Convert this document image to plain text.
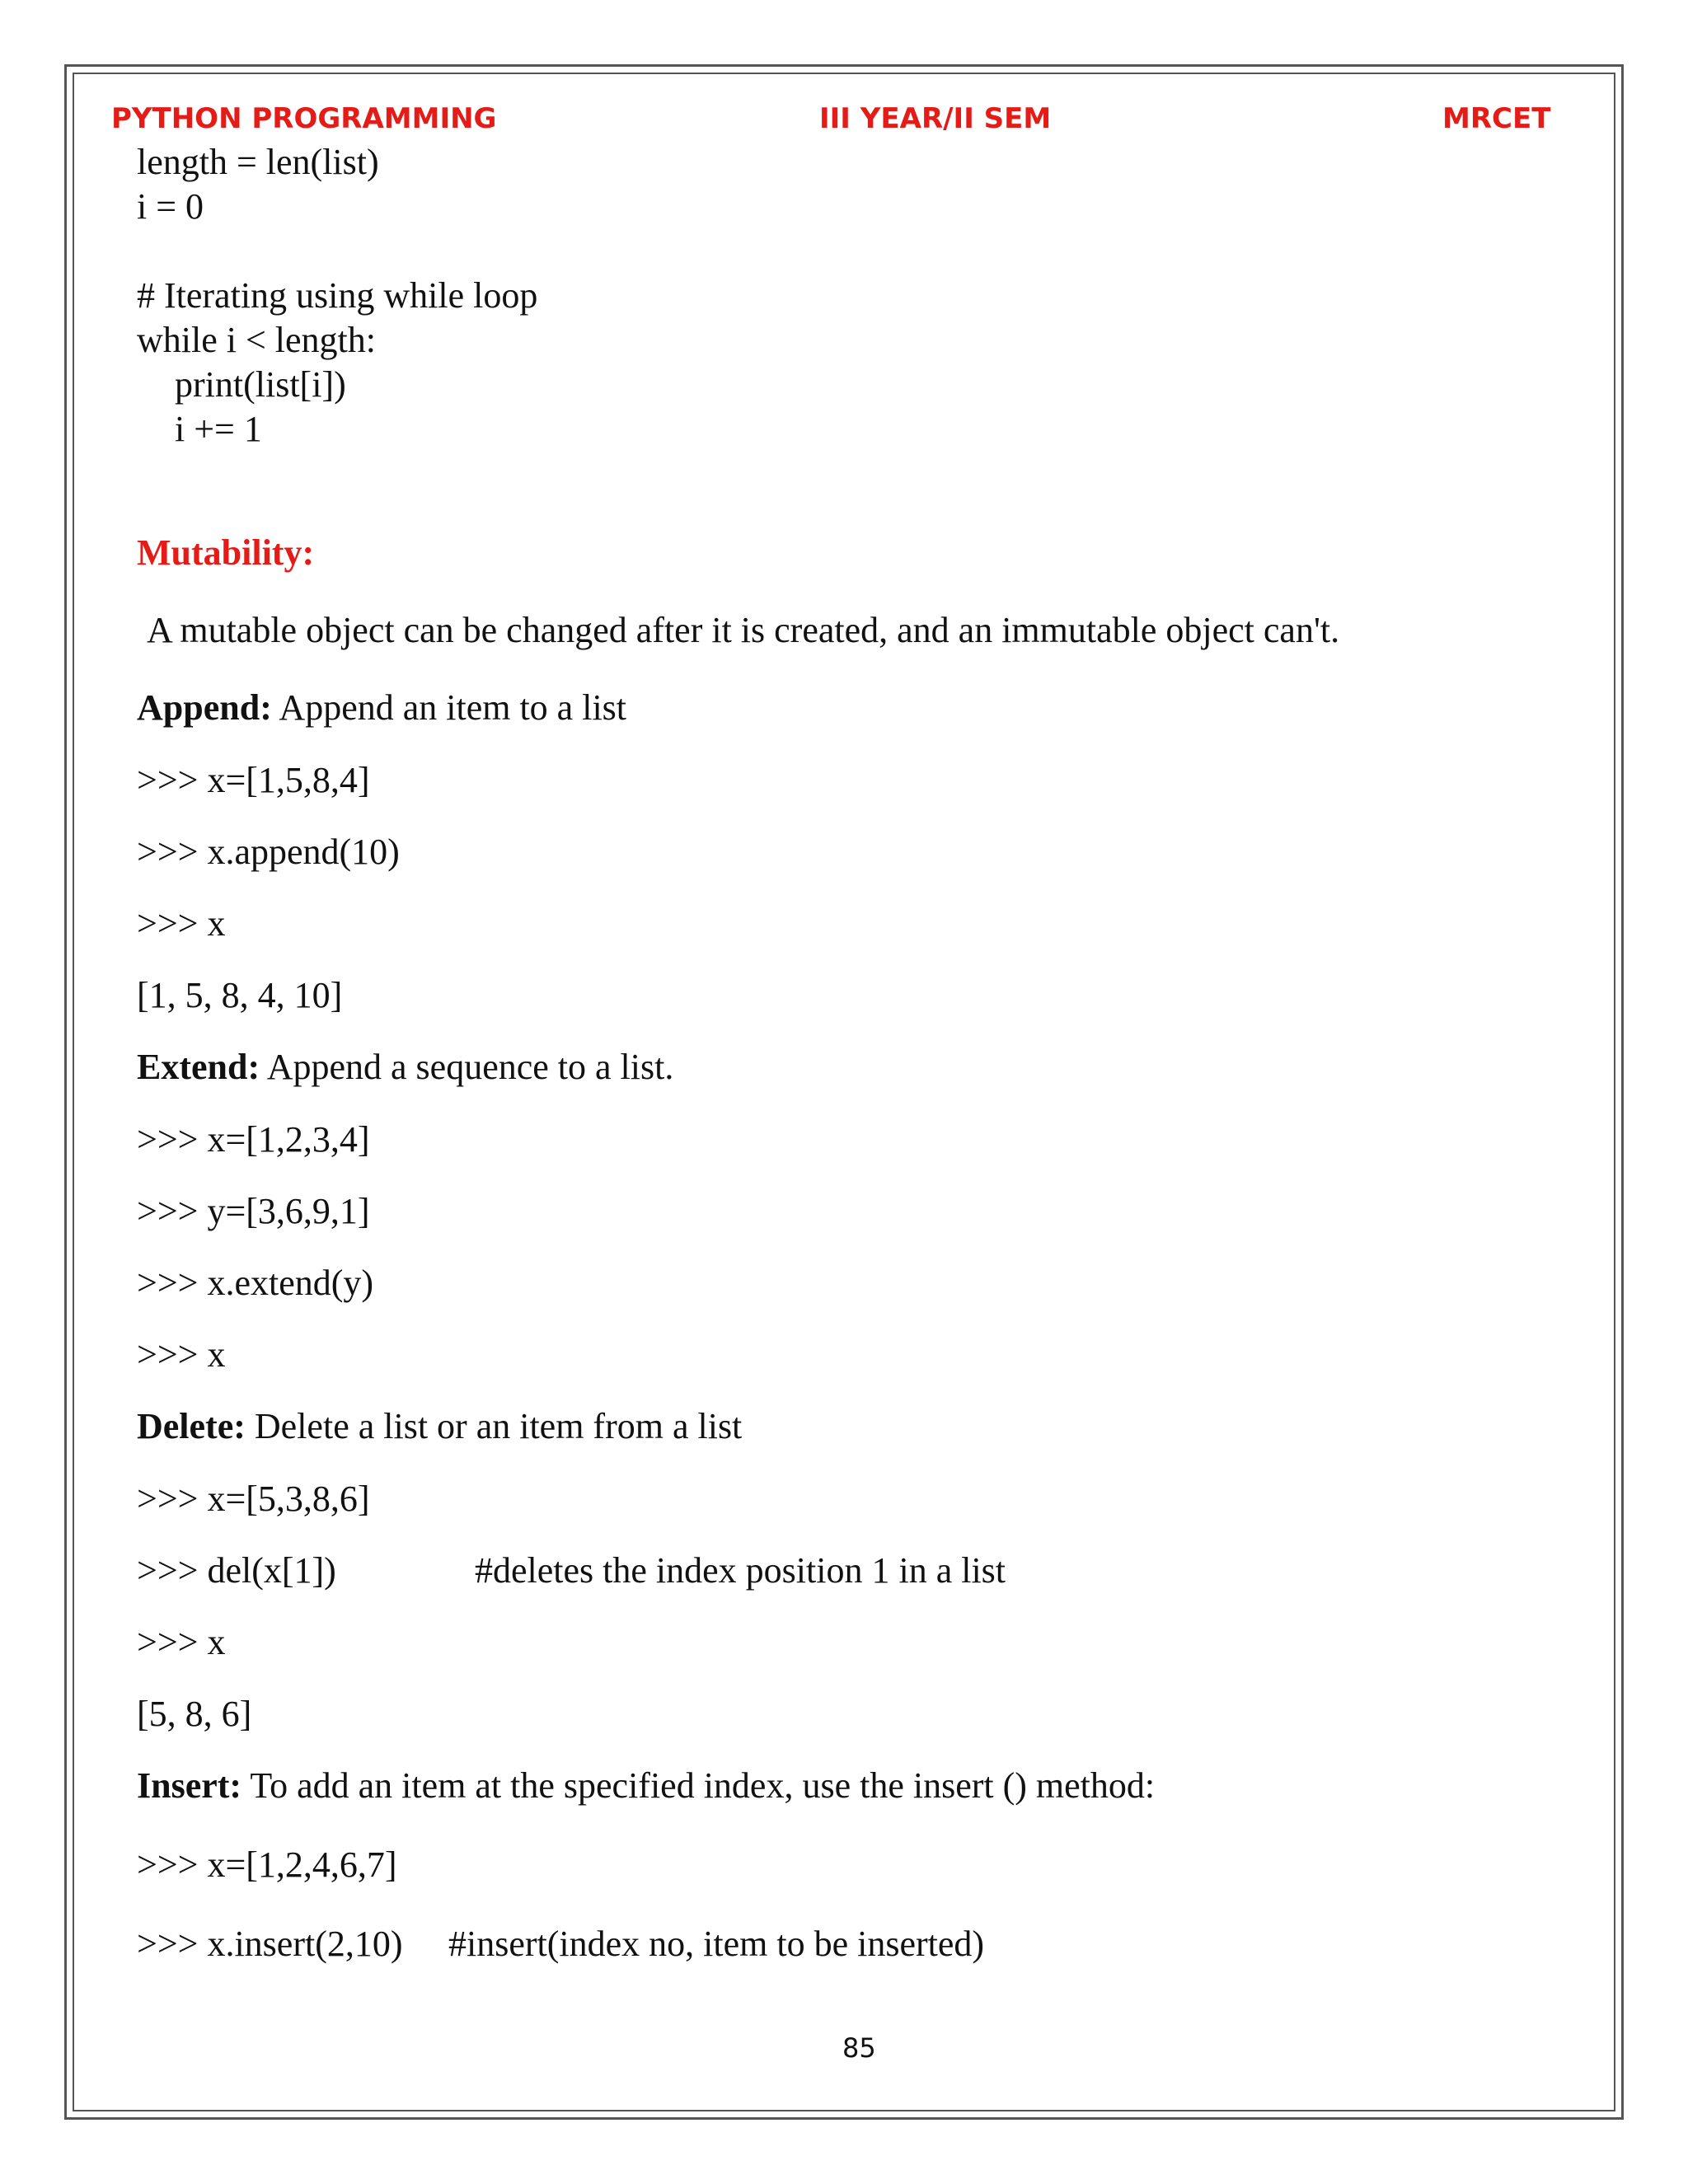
PYTHON PROGRAMMING	III YEAR/II SEM	MRCET
length = len(list)
i = 0
# Iterating using while loop
while i < length:
print(list[i])
i += 1
Mutability:
A mutable object can be changed after it is created, and an immutable object can't.
Append: Append an item to a list
>>> x=[1,5,8,4]
>>> x.append(10)
>>> x
[1, 5, 8, 4, 10]
Extend: Append a sequence to a list.
>>> x=[1,2,3,4]
>>> y=[3,6,9,1]
>>> x.extend(y)
>>> x
Delete: Delete a list or an item from a list
>>> x=[5,3,8,6]
>>> del(x[1])	#deletes the index position 1 in a list
>>> x
[5, 8, 6]
Insert: To add an item at the specified index, use the insert () method:
>>> x=[1,2,4,6,7]
>>> x.insert(2,10) #insert(index no, item to be inserted)
85
